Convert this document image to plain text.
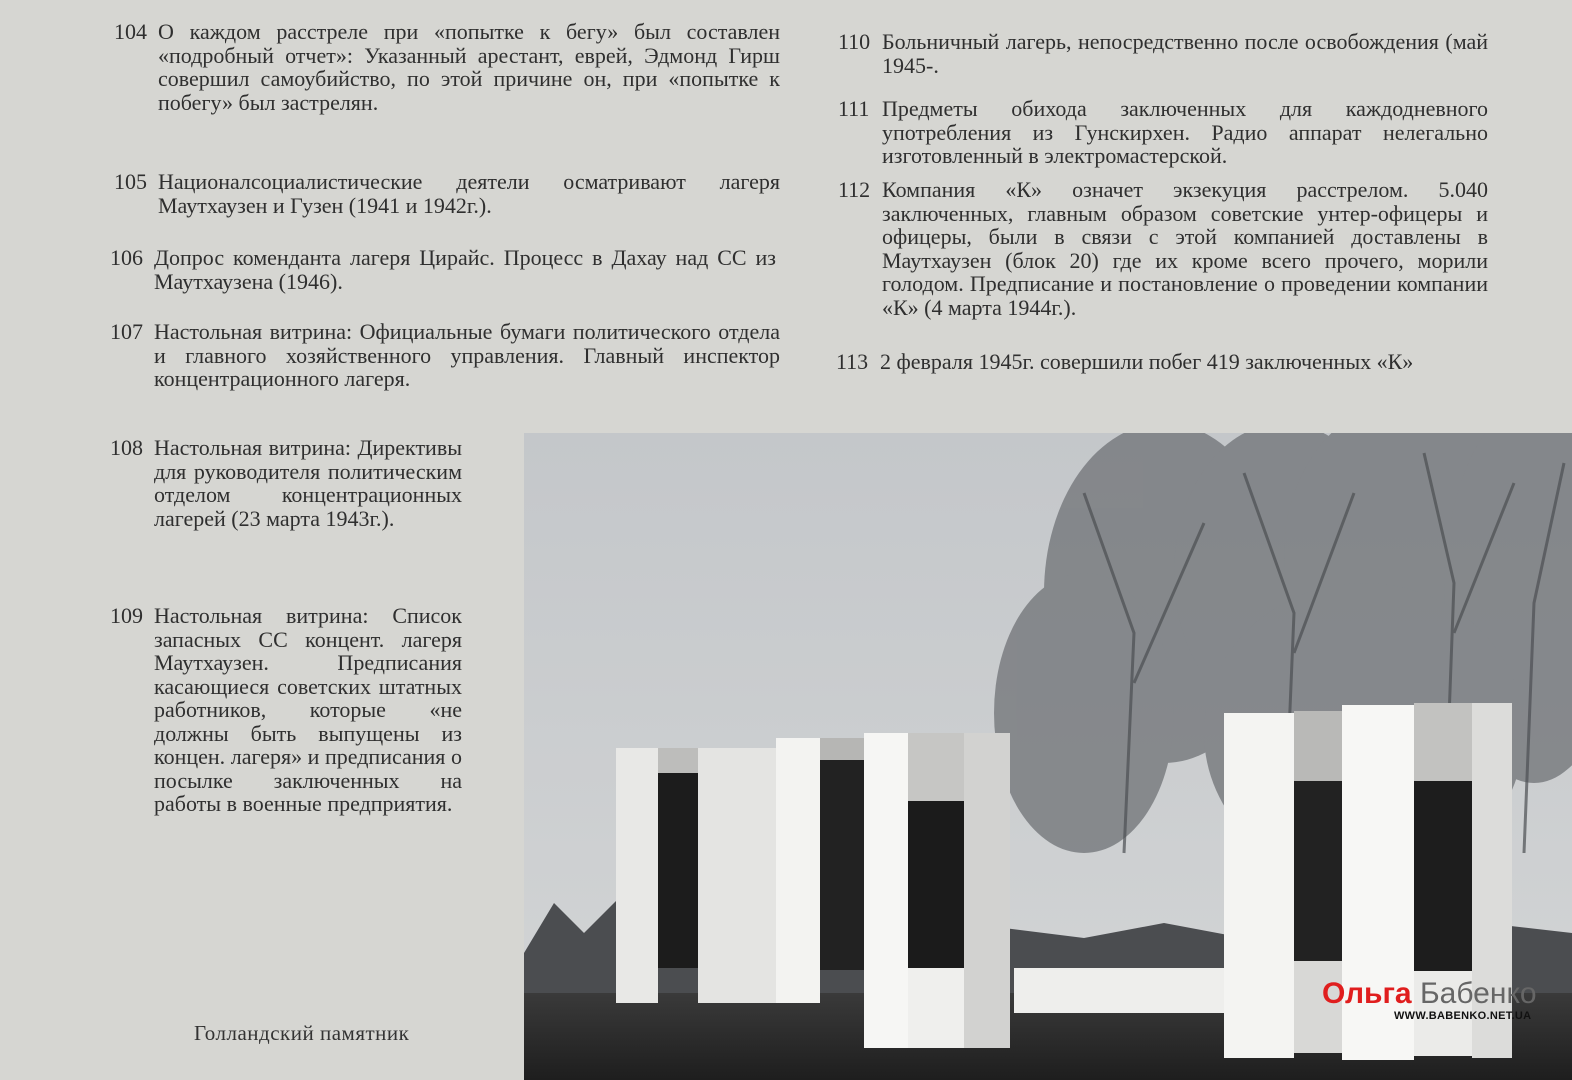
104 О каждом расстреле при «попытке к бегу» был составлен «подробный отчет»: Указанный арестант, еврей, Эдмонд Гирш совершил самоубийство, по этой причине он, при «попытке к побегу» был застрелян.
105 Националсоциалистические деятели осматривают лагеря Маутхаузен и Гузен (1941 и 1942г.).
106 Допрос коменданта лагеря Цирайс. Процесс в Дахау над СС из Маутхаузена (1946).
107 Настольная витрина: Официальные бумаги политического отдела и главного хозяйственного управления. Главный инспектор концентрационного лагеря.
108 Настольная витрина: Директивы для руководителя политическим отделом концентрационных лагерей (23 марта 1943г.).
109 Настольная витрина: Список запасных СС концент. лагеря Маутхаузен. Предписания касающиеся советских штатных работников, которые «не должны быть выпущены из концен. лагеря» и предписания о посылке заключенных на работы в военные предприятия.
110 Больничный лагерь, непосредственно после освобождения (май 1945-.
111 Предметы обихода заключенных для каждодневного употребления из Гунскирхен. Радио аппарат нелегально изготовленный в электромастерской.
112 Компания «К» означет экзекуция расстрелом. 5.040 заключенных, главным образом советские унтер-офицеры и офицеры, были в связи с этой компанией доставлены в Маутхаузен (блок 20) где их кроме всего прочего, морили голодом. Предписание и постановление о проведении компании «К» (4 марта 1944г.).
113 2 февраля 1945г. совершили побег 419 заключенных «К»
Голландский памятник
Ольга Бабенко
WWW.BABENKO.NET.UA
